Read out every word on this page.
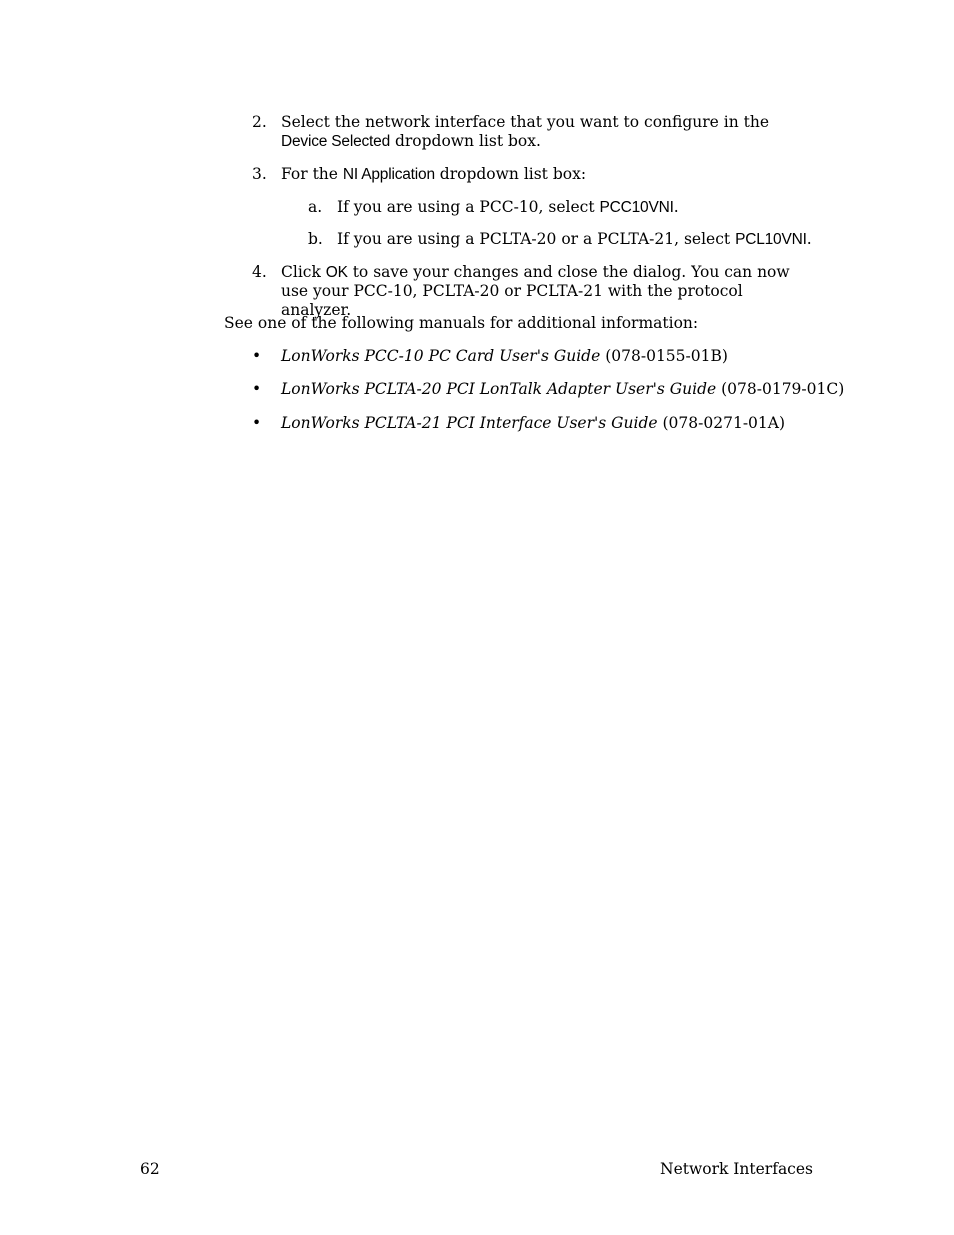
2. Select the network interface that you want to configure in the Device Selected dropdown list box.
3. For the NI Application dropdown list box:
a. If you are using a PCC-10, select PCC10VNI.
b. If you are using a PCLTA-20 or a PCLTA-21, select PCL10VNI.
4. Click OK to save your changes and close the dialog. You can now use your PCC-10, PCLTA-20 or PCLTA-21 with the protocol analyzer.
See one of the following manuals for additional information:
• LonWorks PCC-10 PC Card User's Guide (078-0155-01B)
• LonWorks PCLTA-20 PCI LonTalk Adapter User's Guide (078-0179-01C)
• LonWorks PCLTA-21 PCI Interface User's Guide (078-0271-01A)
62	Network Interfaces
